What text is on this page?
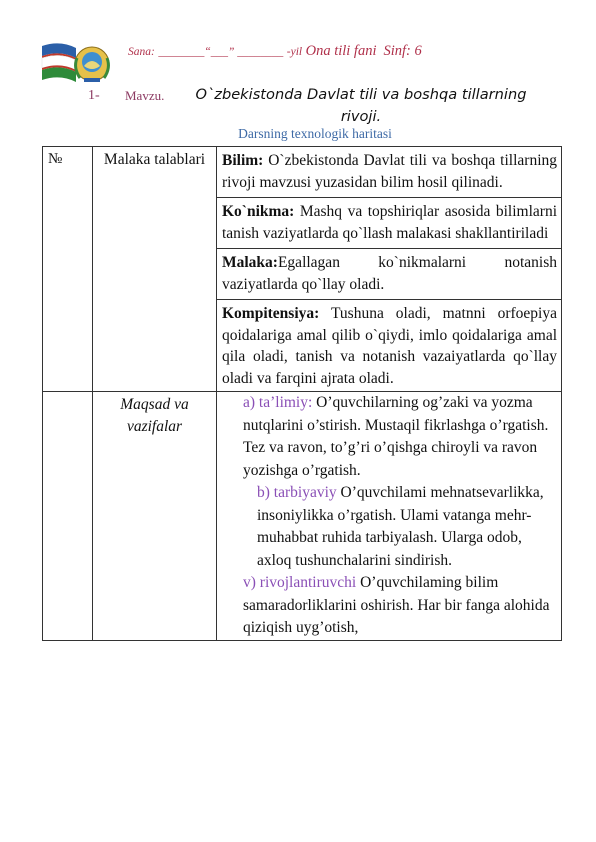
Sana: ________“___” ________ -yil Ona tili fani Sinf: 6
1- Mavzu.	O`zbekistonda Davlat tili va boshqa tillarning rivoji.
Darsning texnologik haritasi
№	Malaka talablari	Bilim: O`zbekistonda Davlat tili va boshqa tillarning rivoji mavzusi yuzasidan bilim hosil qilinadi.
Ko`nikma: Mashq va topshiriqlar asosida bilimlarni tanish vaziyatlarda qo`llash malakasi shakllantiriladi
Malaka:Egallagan ko`nikmalarni notanish vaziyatlarda qo`llay oladi.
Kompitensiya: Tushuna oladi, matnni orfoepiya qoidalariga amal qilib o`qiydi, imlo qoidalariga amal qila oladi, tanish va notanish vazaiyatlarda qo`llay oladi va farqini ajrata oladi.

	Maqsad va vazifalar	a) ta’limiy: O’quvchilarning og’zaki va yozma nutqlarini o’stirish. Mustaqil fikrlashga o’rgatish. Tez va ravon, to’g’ri o’qishga chiroyli va ravon yozishga o’rgatish.

b) tarbiyaviy O’quvchilami mehnatsevarlikka, insoniylikka o’rgatish. Ulami vatanga mehr-muhabbat ruhida tarbiyalash. Ularga odob, axloq tushunchalarini sindirish.

v) rivojlantiruvchi O’quvchilaming bilim samaradorliklarini oshirish. Har bir fanga alohida qiziqish uyg’otish,
